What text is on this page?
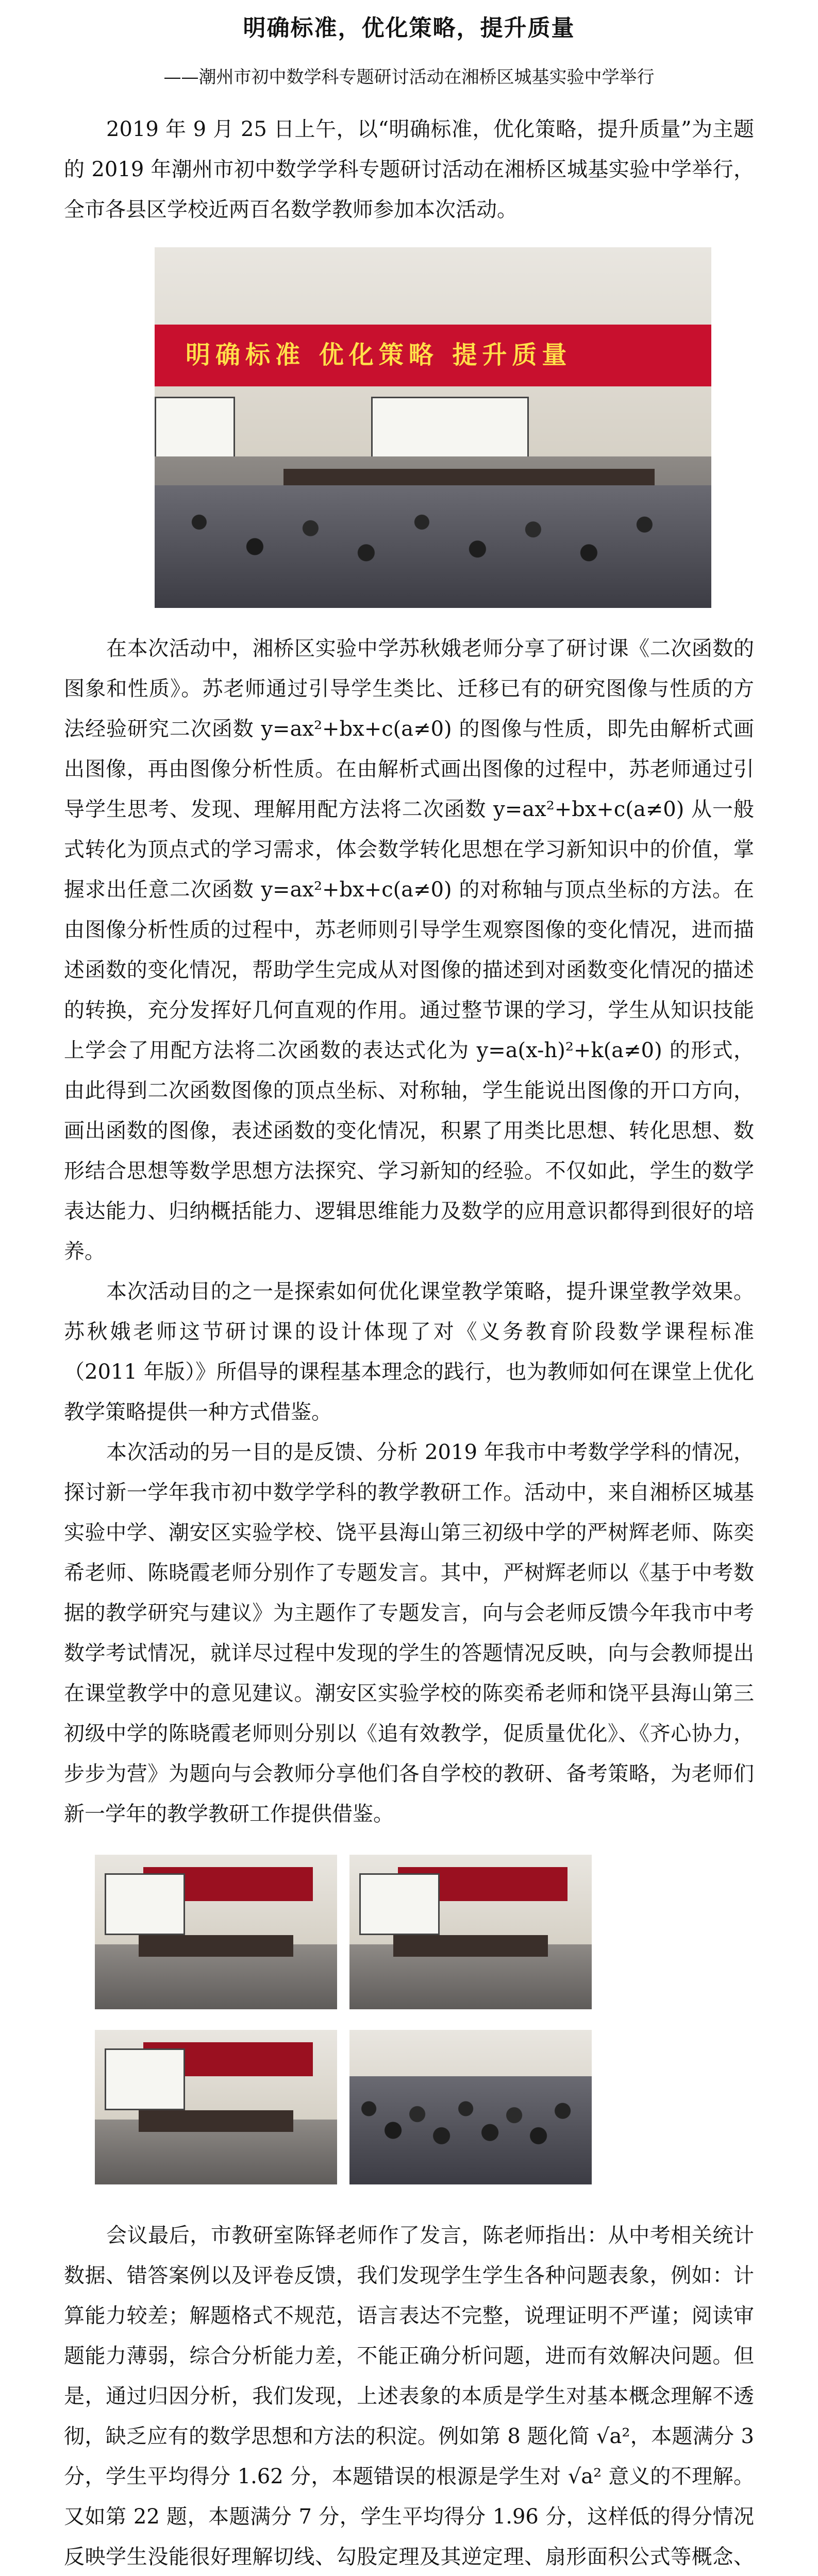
明确标准，优化策略，提升质量
——潮州市初中数学科专题研讨活动在湘桥区城基实验中学举行

2019 年 9 月 25 日上午，以“明确标准，优化策略，提升质量”为主题的 2019 年潮州市初中数学学科专题研讨活动在湘桥区城基实验中学举行，全市各县区学校近两百名数学教师参加本次活动。

明确标准 优化策略 提升质量

在本次活动中，湘桥区实验中学苏秋娥老师分享了研讨课《二次函数的图象和性质》。苏老师通过引导学生类比、迁移已有的研究图像与性质的方法经验研究二次函数 y=ax²+bx+c(a≠0) 的图像与性质，即先由解析式画出图像，再由图像分析性质。在由解析式画出图像的过程中，苏老师通过引导学生思考、发现、理解用配方法将二次函数 y=ax²+bx+c(a≠0) 从一般式转化为顶点式的学习需求，体会数学转化思想在学习新知识中的价值，掌握求出任意二次函数 y=ax²+bx+c(a≠0) 的对称轴与顶点坐标的方法。在由图像分析性质的过程中，苏老师则引导学生观察图像的变化情况，进而描述函数的变化情况，帮助学生完成从对图像的描述到对函数变化情况的描述的转换，充分发挥好几何直观的作用。通过整节课的学习，学生从知识技能上学会了用配方法将二次函数的表达式化为 y=a(x-h)²+k(a≠0) 的形式，由此得到二次函数图像的顶点坐标、对称轴，学生能说出图像的开口方向，画出函数的图像，表述函数的变化情况，积累了用类比思想、转化思想、数形结合思想等数学思想方法探究、学习新知的经验。不仅如此，学生的数学表达能力、归纳概括能力、逻辑思维能力及数学的应用意识都得到很好的培养。

本次活动目的之一是探索如何优化课堂教学策略，提升课堂教学效果。苏秋娥老师这节研讨课的设计体现了对《义务教育阶段数学课程标准（2011 年版）》所倡导的课程基本理念的践行，也为教师如何在课堂上优化教学策略提供一种方式借鉴。

本次活动的另一目的是反馈、分析 2019 年我市中考数学学科的情况，探讨新一学年我市初中数学学科的教学教研工作。活动中，来自湘桥区城基实验中学、潮安区实验学校、饶平县海山第三初级中学的严树辉老师、陈奕希老师、陈晓霞老师分别作了专题发言。其中，严树辉老师以《基于中考数据的教学研究与建议》为主题作了专题发言，向与会老师反馈今年我市中考数学考试情况，就详尽过程中发现的学生的答题情况反映，向与会教师提出在课堂教学中的意见建议。潮安区实验学校的陈奕希老师和饶平县海山第三初级中学的陈晓霞老师则分别以《追有效教学，促质量优化》、《齐心协力，步步为营》为题向与会教师分享他们各自学校的教研、备考策略，为老师们新一学年的教学教研工作提供借鉴。

会议最后，市教研室陈铎老师作了发言，陈老师指出：从中考相关统计数据、错答案例以及评卷反馈，我们发现学生学生各种问题表象，例如：计算能力较差；解题格式不规范，语言表达不完整，说理证明不严谨；阅读审题能力薄弱，综合分析能力差，不能正确分析问题，进而有效解决问题。但是，通过归因分析，我们发现，上述表象的本质是学生对基本概念理解不透彻，缺乏应有的数学思想和方法的积淀。例如第 8 题化简 √a²，本题满分 3 分，学生平均得分 1.62 分，本题错误的根源是学生对 √a² 意义的不理解。又如第 22 题，本题满分 7 分，学生平均得分 1.96 分，这样低的得分情况反映学生没能很好理解切线、勾股定理及其逆定理、扇形面积公式等概念、
